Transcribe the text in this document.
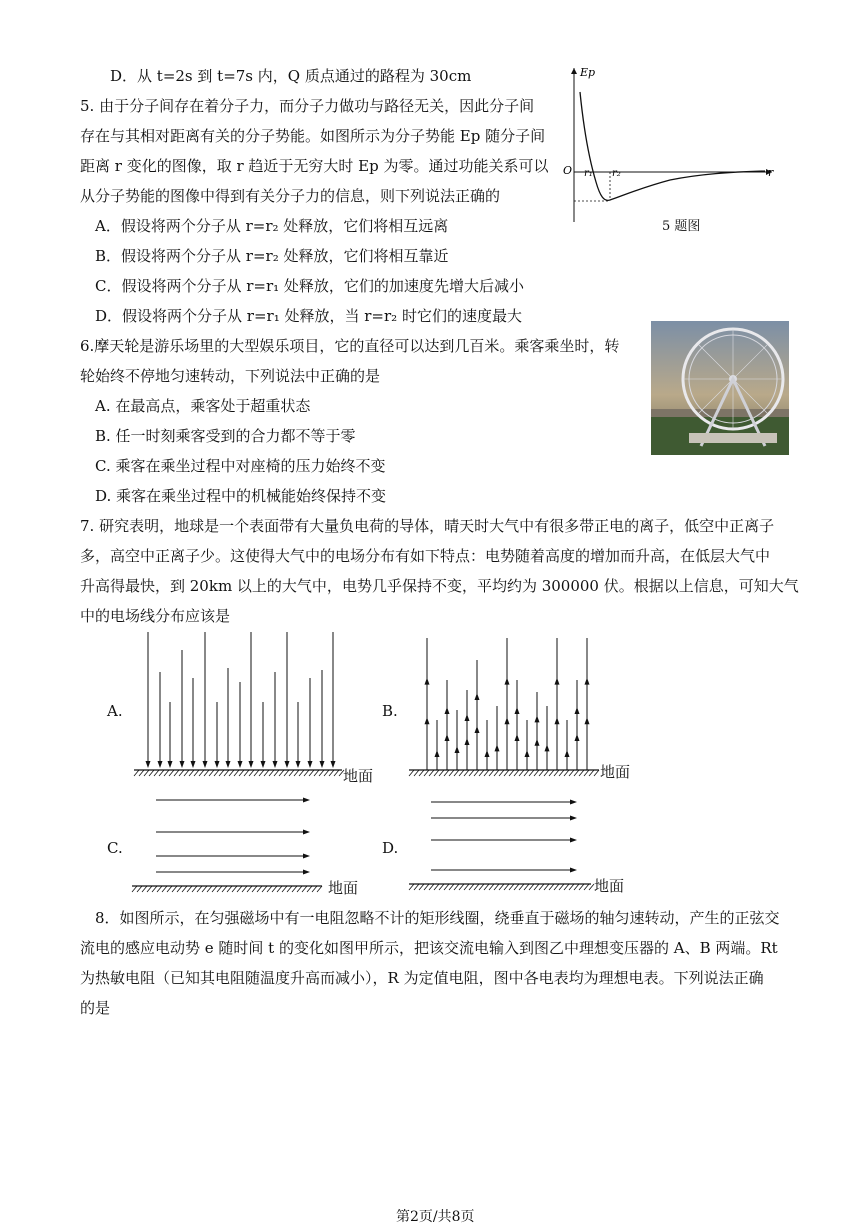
D．从 t=2s 到 t=7s 内，Q 质点通过的路程为 30cm
5. 由于分子间存在着分子力，而分子力做功与路径无关，因此分子间
存在与其相对距离有关的分子势能。如图所示为分子势能 Ep 随分子间
距离 r 变化的图像，取 r 趋近于无穷大时 Ep 为零。通过功能关系可以
从分子势能的图像中得到有关分子力的信息，则下列说法正确的
A．假设将两个分子从 r=r₂ 处释放，它们将相互远离
B．假设将两个分子从 r=r₂ 处释放，它们将相互靠近
C．假设将两个分子从 r=r₁ 处释放，它们的加速度先增大后减小
D．假设将两个分子从 r=r₁ 处释放，当 r=r₂ 时它们的速度最大
Ep
O r₁ r₂	r
5 题图
6.摩天轮是游乐场里的大型娱乐项目，它的直径可以达到几百米。乘客乘坐时，转
轮始终不停地匀速转动，下列说法中正确的是
A. 在最高点，乘客处于超重状态
B. 任一时刻乘客受到的合力都不等于零
C. 乘客在乘坐过程中对座椅的压力始终不变
D. 乘客在乘坐过程中的机械能始终保持不变
7. 研究表明，地球是一个表面带有大量负电荷的导体，晴天时大气中有很多带正电的离子，低空中正离子
多，高空中正离子少。这使得大气中的电场分布有如下特点：电势随着高度的增加而升高，在低层大气中
升高得最快，到 20km 以上的大气中，电势几乎保持不变，平均约为 300000 伏。根据以上信息，可知大气
中的电场线分布应该是
A.	B.
C.	D.
地面	地面
地面	地面
8．如图所示，在匀强磁场中有一电阻忽略不计的矩形线圈，绕垂直于磁场的轴匀速转动，产生的正弦交
流电的感应电动势 e 随时间 t 的变化如图甲所示，把该交流电输入到图乙中理想变压器的 A、B 两端。Rt
为热敏电阻（已知其电阻随温度升高而减小），R 为定值电阻，图中各电表均为理想电表。下列说法正确
的是
第2页/共8页
